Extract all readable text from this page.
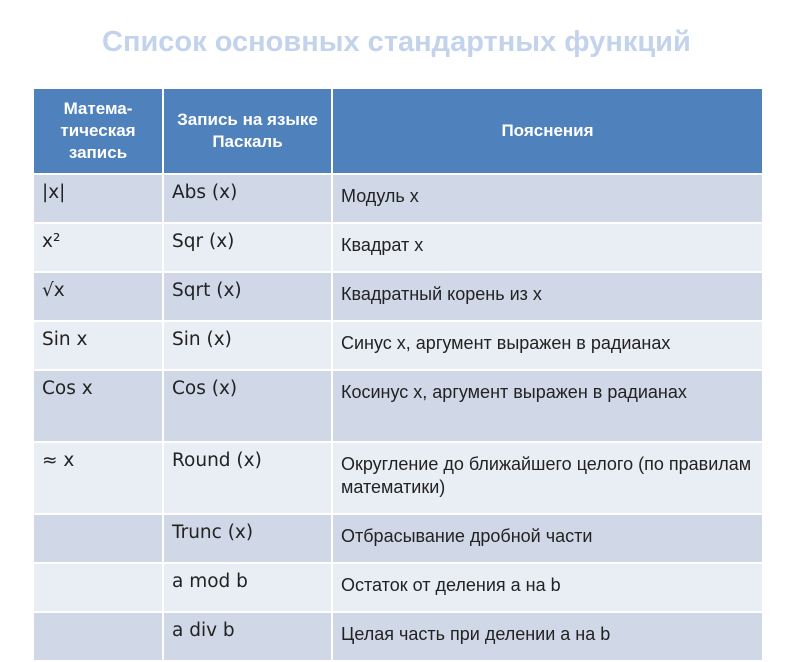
Список основных стандартных функций
Матема-тическая запись	Запись на языке Паскаль	Пояснения
|x|	Abs (x)	Модуль x
x²	Sqr (x)	Квадрат x
√x	Sqrt (x)	Квадратный корень из x
Sin x	Sin (x)	Синус x, аргумент выражен в радианах
Cos x	Cos (x)	Косинус x, аргумент выражен в радианах
≈ x	Round (x)	Округление до ближайшего целого (по правилам математики)
	Trunc (x)	Отбрасывание дробной части
	a mod b	Остаток от деления a на b
	a div b	Целая часть при делении a на b
